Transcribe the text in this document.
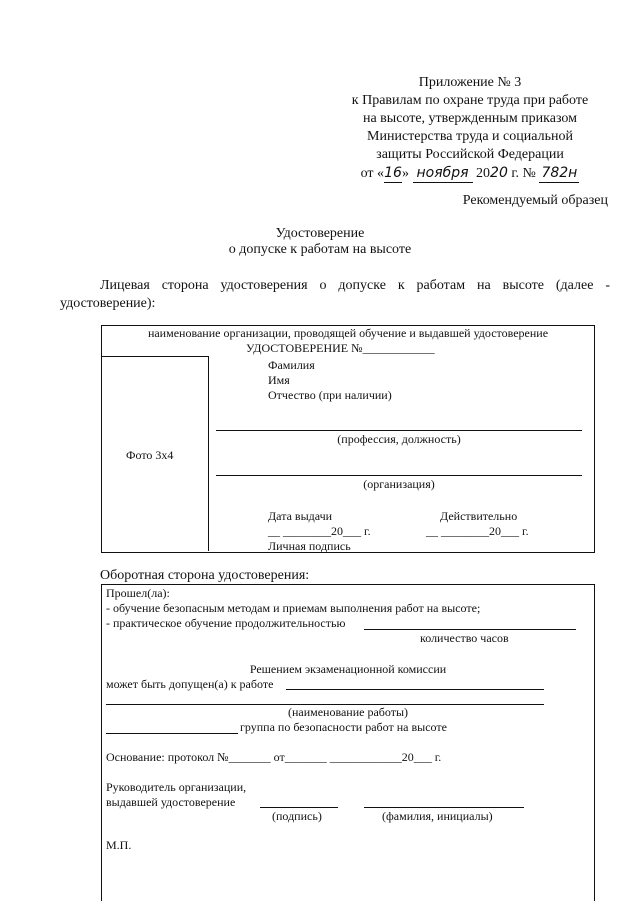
Приложение № 3
к Правилам по охране труда при работе
на высоте, утвержденным приказом
Министерства труда и социальной
защиты Российской Федерации
от «16» ноября 2020 г. № 782н
Рекомендуемый образец
Удостоверение
о допуске к работам на высоте
Лицевая сторона удостоверения о допуске к работам на высоте (далее -
удостоверение):
наименование организации, проводящей обучение и выдавшей удостоверение
УДОСТОВЕРЕНИЕ №____________
Фото 3х4
Фамилия
Имя
Отчество (при наличии)
(профессия, должность)
(организация)
Дата выдачи	Действительно
__ ________20___ г.	__ ________20___ г.
Личная подпись
Оборотная сторона удостоверения:
Прошел(ла):
- обучение безопасным методам и приемам выполнения работ на высоте;
- практическое обучение продолжительностью
количество часов
Решением экзаменационной комиссии
может быть допущен(а) к работе
(наименование работы)
группа по безопасности работ на высоте
Основание: протокол №_______ от_______ ____________20___ г.
Руководитель организации,
выдавшей удостоверение
(подпись)	(фамилия, инициалы)
М.П.
